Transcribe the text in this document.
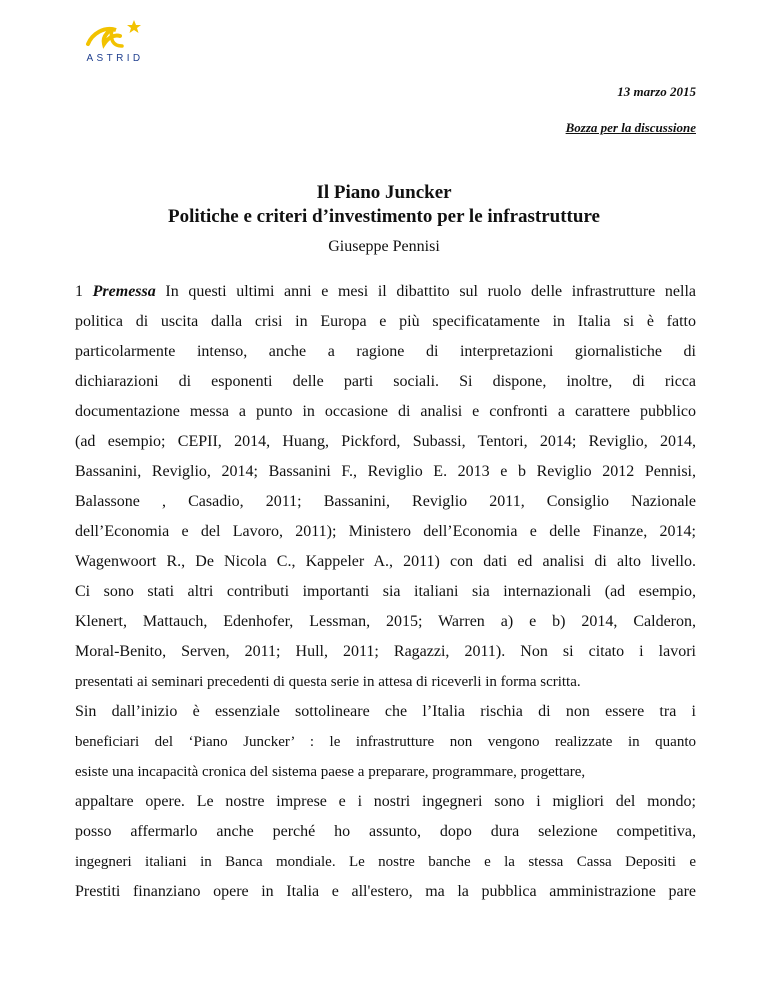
ASTRID
13 marzo 2015
Bozza per la discussione
Il Piano Juncker
Politiche e criteri d’investimento per le infrastrutture
Giuseppe Pennisi
1 Premessa In questi ultimi anni e mesi il dibattito sul ruolo delle infrastrutture nella
politica di uscita dalla crisi in Europa e più specificatamente in Italia si è fatto
particolarmente intenso, anche a ragione di interpretazioni giornalistiche di
dichiarazioni di esponenti delle parti sociali. Si dispone, inoltre, di ricca
documentazione messa a punto in occasione di analisi e confronti a carattere pubblico
(ad esempio; CEPII, 2014, Huang, Pickford, Subassi, Tentori, 2014; Reviglio, 2014,
Bassanini, Reviglio, 2014; Bassanini F., Reviglio E. 2013 e b Reviglio 2012 Pennisi,
Balassone , Casadio, 2011; Bassanini, Reviglio 2011, Consiglio Nazionale
dell’Economia e del Lavoro, 2011); Ministero dell’Economia e delle Finanze, 2014;
Wagenwoort R., De Nicola C., Kappeler A., 2011) con dati ed analisi di alto livello.
Ci sono stati altri contributi importanti sia italiani sia internazionali (ad esempio,
Klenert, Mattauch, Edenhofer, Lessman, 2015; Warren a) e b) 2014, Calderon,
Moral-Benito, Serven, 2011; Hull, 2011; Ragazzi, 2011). Non si citato i lavori
presentati ai seminari precedenti di questa serie in attesa di riceverli in forma scritta.
Sin dall’inizio è essenziale sottolineare che l’Italia rischia di non essere tra i
beneficiari del ‘Piano Juncker’ : le infrastrutture non vengono realizzate in quanto
esiste una incapacità cronica del sistema paese a preparare, programmare, progettare,
appaltare opere. Le nostre imprese e i nostri ingegneri sono i migliori del mondo;
posso affermarlo anche perché ho assunto, dopo dura selezione competitiva,
ingegneri italiani in Banca mondiale. Le nostre banche e la stessa Cassa Depositi e
Prestiti finanziano opere in Italia e all'estero, ma la pubblica amministrazione pare
